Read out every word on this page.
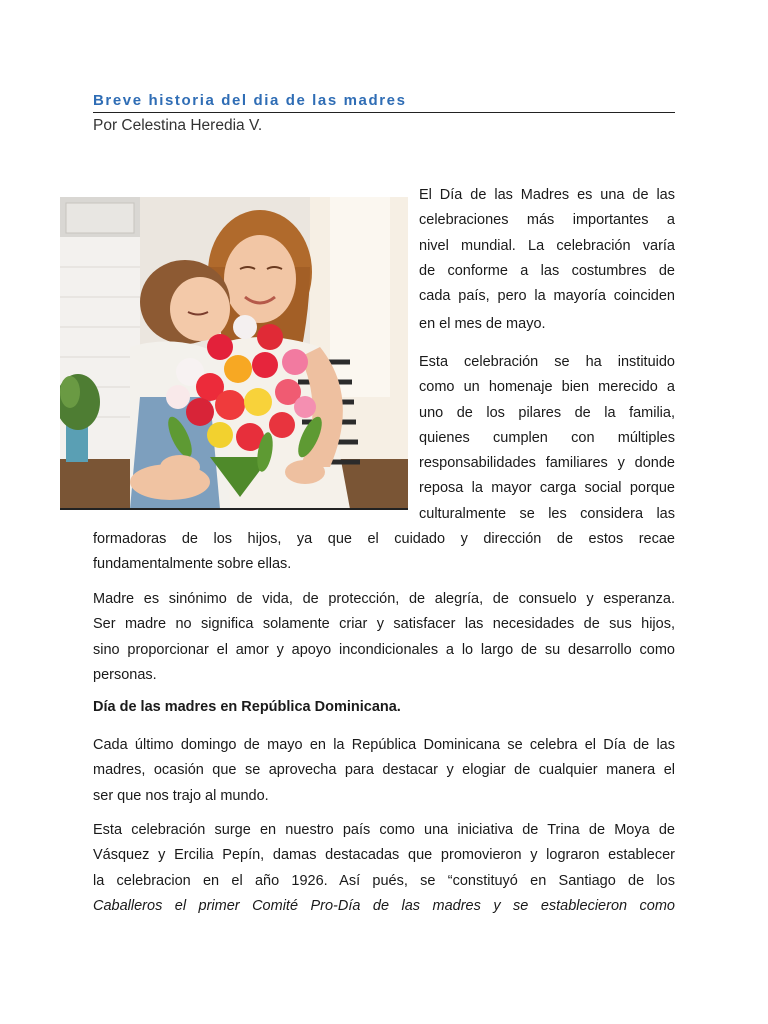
Breve historia del dia de las madres
Por Celestina Heredia V.
El Día de las Madres es una de las
celebraciones más importantes a
nivel mundial. La celebración varía
de conforme a las costumbres de
cada país, pero la mayoría coinciden
en el mes de mayo.
Esta celebración se ha instituido
como un homenaje bien merecido a
uno de los pilares de la familia,
quienes cumplen con múltiples
responsabilidades familiares y donde
reposa la mayor carga social porque
culturalmente se les considera las
formadoras de los hijos, ya que el cuidado y dirección de estos recae
fundamentalmente sobre ellas.
Madre es sinónimo de vida, de protección, de alegría, de consuelo y esperanza.
Ser madre no significa solamente criar y satisfacer las necesidades de sus hijos,
sino proporcionar el amor y apoyo incondicionales a lo largo de su desarrollo como
personas.
Día de las madres en República Dominicana.
Cada último domingo de mayo en la República Dominicana se celebra el Día de las
madres, ocasión que se aprovecha para destacar y elogiar de cualquier manera el
ser que nos trajo al mundo.
Esta celebración surge en nuestro país como una iniciativa de Trina de Moya de
Vásquez y Ercilia Pepín, damas destacadas que promovieron y lograron establecer
la celebracion en el año 1926. Así pués, se “constituyó en Santiago de los
Caballeros el primer Comité Pro-Día de las madres y se establecieron como
